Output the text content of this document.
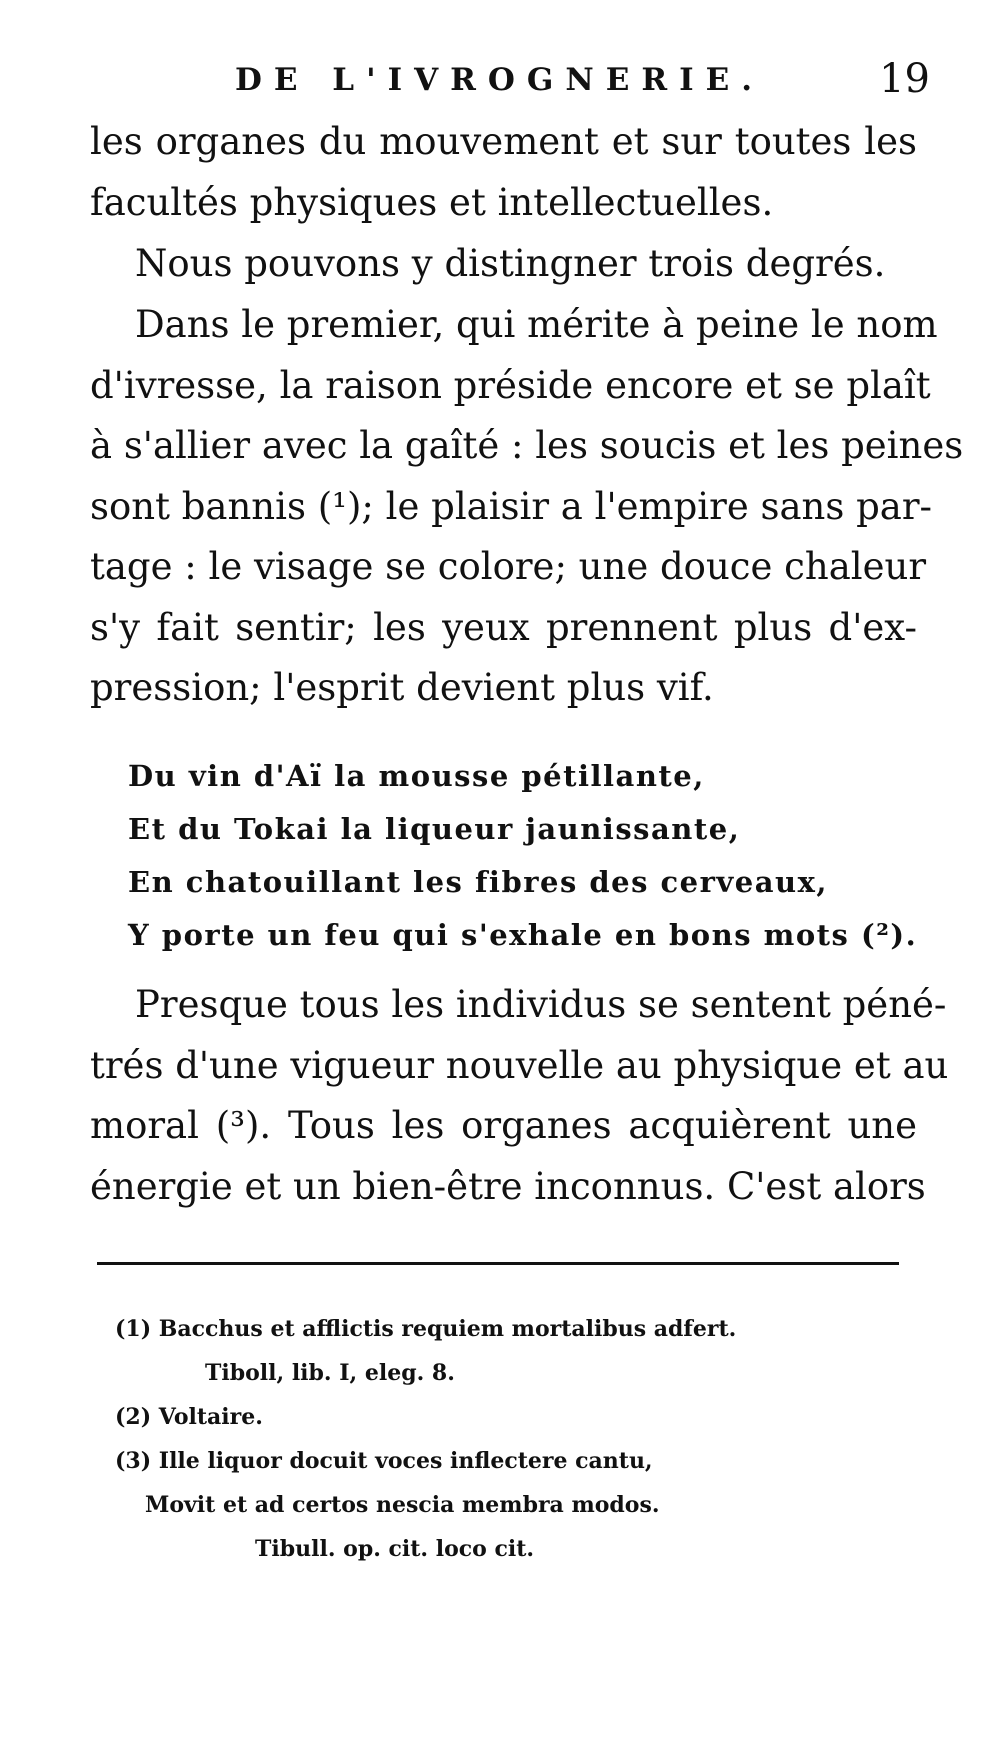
DE L'IVROGNERIE.	19
les organes du mouvement et sur toutes les
facultés physiques et intellectuelles.
Nous pouvons y distingner trois degrés.
Dans le premier, qui mérite à peine le nom
d'ivresse, la raison préside encore et se plaît
à s'allier avec la gaîté : les soucis et les peines
sont bannis (¹); le plaisir a l'empire sans par-
tage : le visage se colore; une douce chaleur
s'y fait sentir; les yeux prennent plus d'ex-
pression; l'esprit devient plus vif.
Du vin d'Aï la mousse pétillante,
Et du Tokai la liqueur jaunissante,
En chatouillant les fibres des cerveaux,
Y porte un feu qui s'exhale en bons mots (²).
Presque tous les individus se sentent péné-
trés d'une vigueur nouvelle au physique et au
moral (³). Tous les organes acquièrent une
énergie et un bien-être inconnus. C'est alors
(1) Bacchus et afflictis requiem mortalibus adfert.
Tiboll, lib. I, eleg. 8.
(2) Voltaire.
(3) Ille liquor docuit voces inflectere cantu,
Movit et ad certos nescia membra modos.
Tibull. op. cit. loco cit.
